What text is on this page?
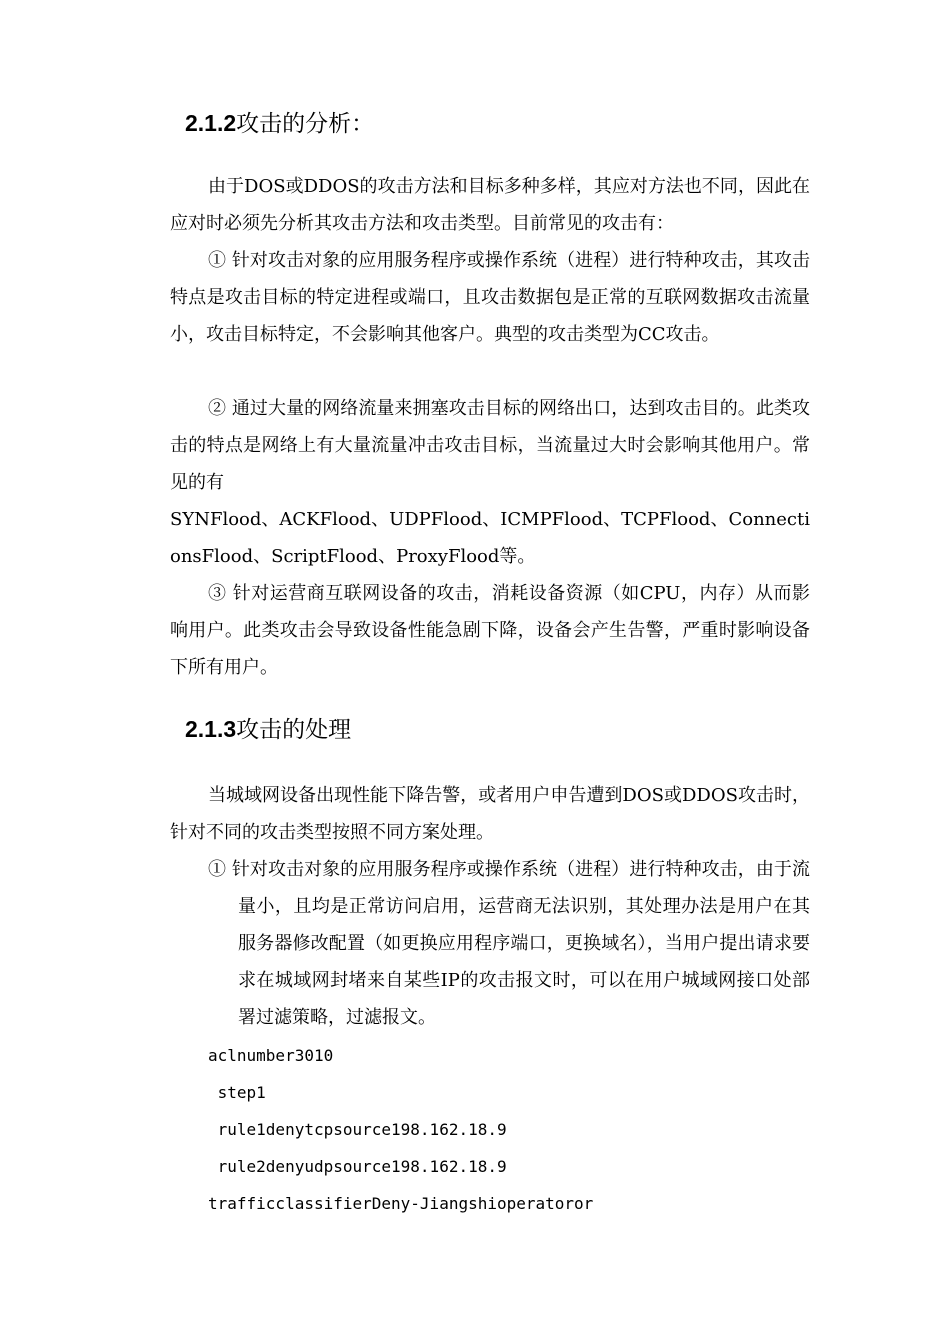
2.1.2攻击的分析：

由于DOS或DDOS的攻击方法和目标多种多样，其应对方法也不同，因此在应对时必须先分析其攻击方法和攻击类型。目前常见的攻击有：

① 针对攻击对象的应用服务程序或操作系统（进程）进行特种攻击，其攻击特点是攻击目标的特定进程或端口，且攻击数据包是正常的互联网数据攻击流量小，攻击目标特定，不会影响其他客户。典型的攻击类型为CC攻击。

② 通过大量的网络流量来拥塞攻击目标的网络出口，达到攻击目的。此类攻击的特点是网络上有大量流量冲击攻击目标，当流量过大时会影响其他用户。常见的有

SYNFlood、ACKFlood、UDPFlood、ICMPFlood、TCPFlood、ConnectionsFlood、ScriptFlood、ProxyFlood等。

③ 针对运营商互联网设备的攻击，消耗设备资源（如CPU，内存）从而影响用户。此类攻击会导致设备性能急剧下降，设备会产生告警，严重时影响设备下所有用户。

2.1.3攻击的处理

当城域网设备出现性能下降告警，或者用户申告遭到DOS或DDOS攻击时，针对不同的攻击类型按照不同方案处理。

① 针对攻击对象的应用服务程序或操作系统（进程）进行特种攻击，由于流量小，且均是正常访问启用，运营商无法识别，其处理办法是用户在其服务器修改配置（如更换应用程序端口，更换域名），当用户提出请求要求在城域网封堵来自某些IP的攻击报文时，可以在用户城域网接口处部署过滤策略，过滤报文。

aclnumber3010
step1
rule1denytcpsource198.162.18.9
rule2denyudpsource198.162.18.9
trafficclassifierDeny-Jiangshioperatoror
